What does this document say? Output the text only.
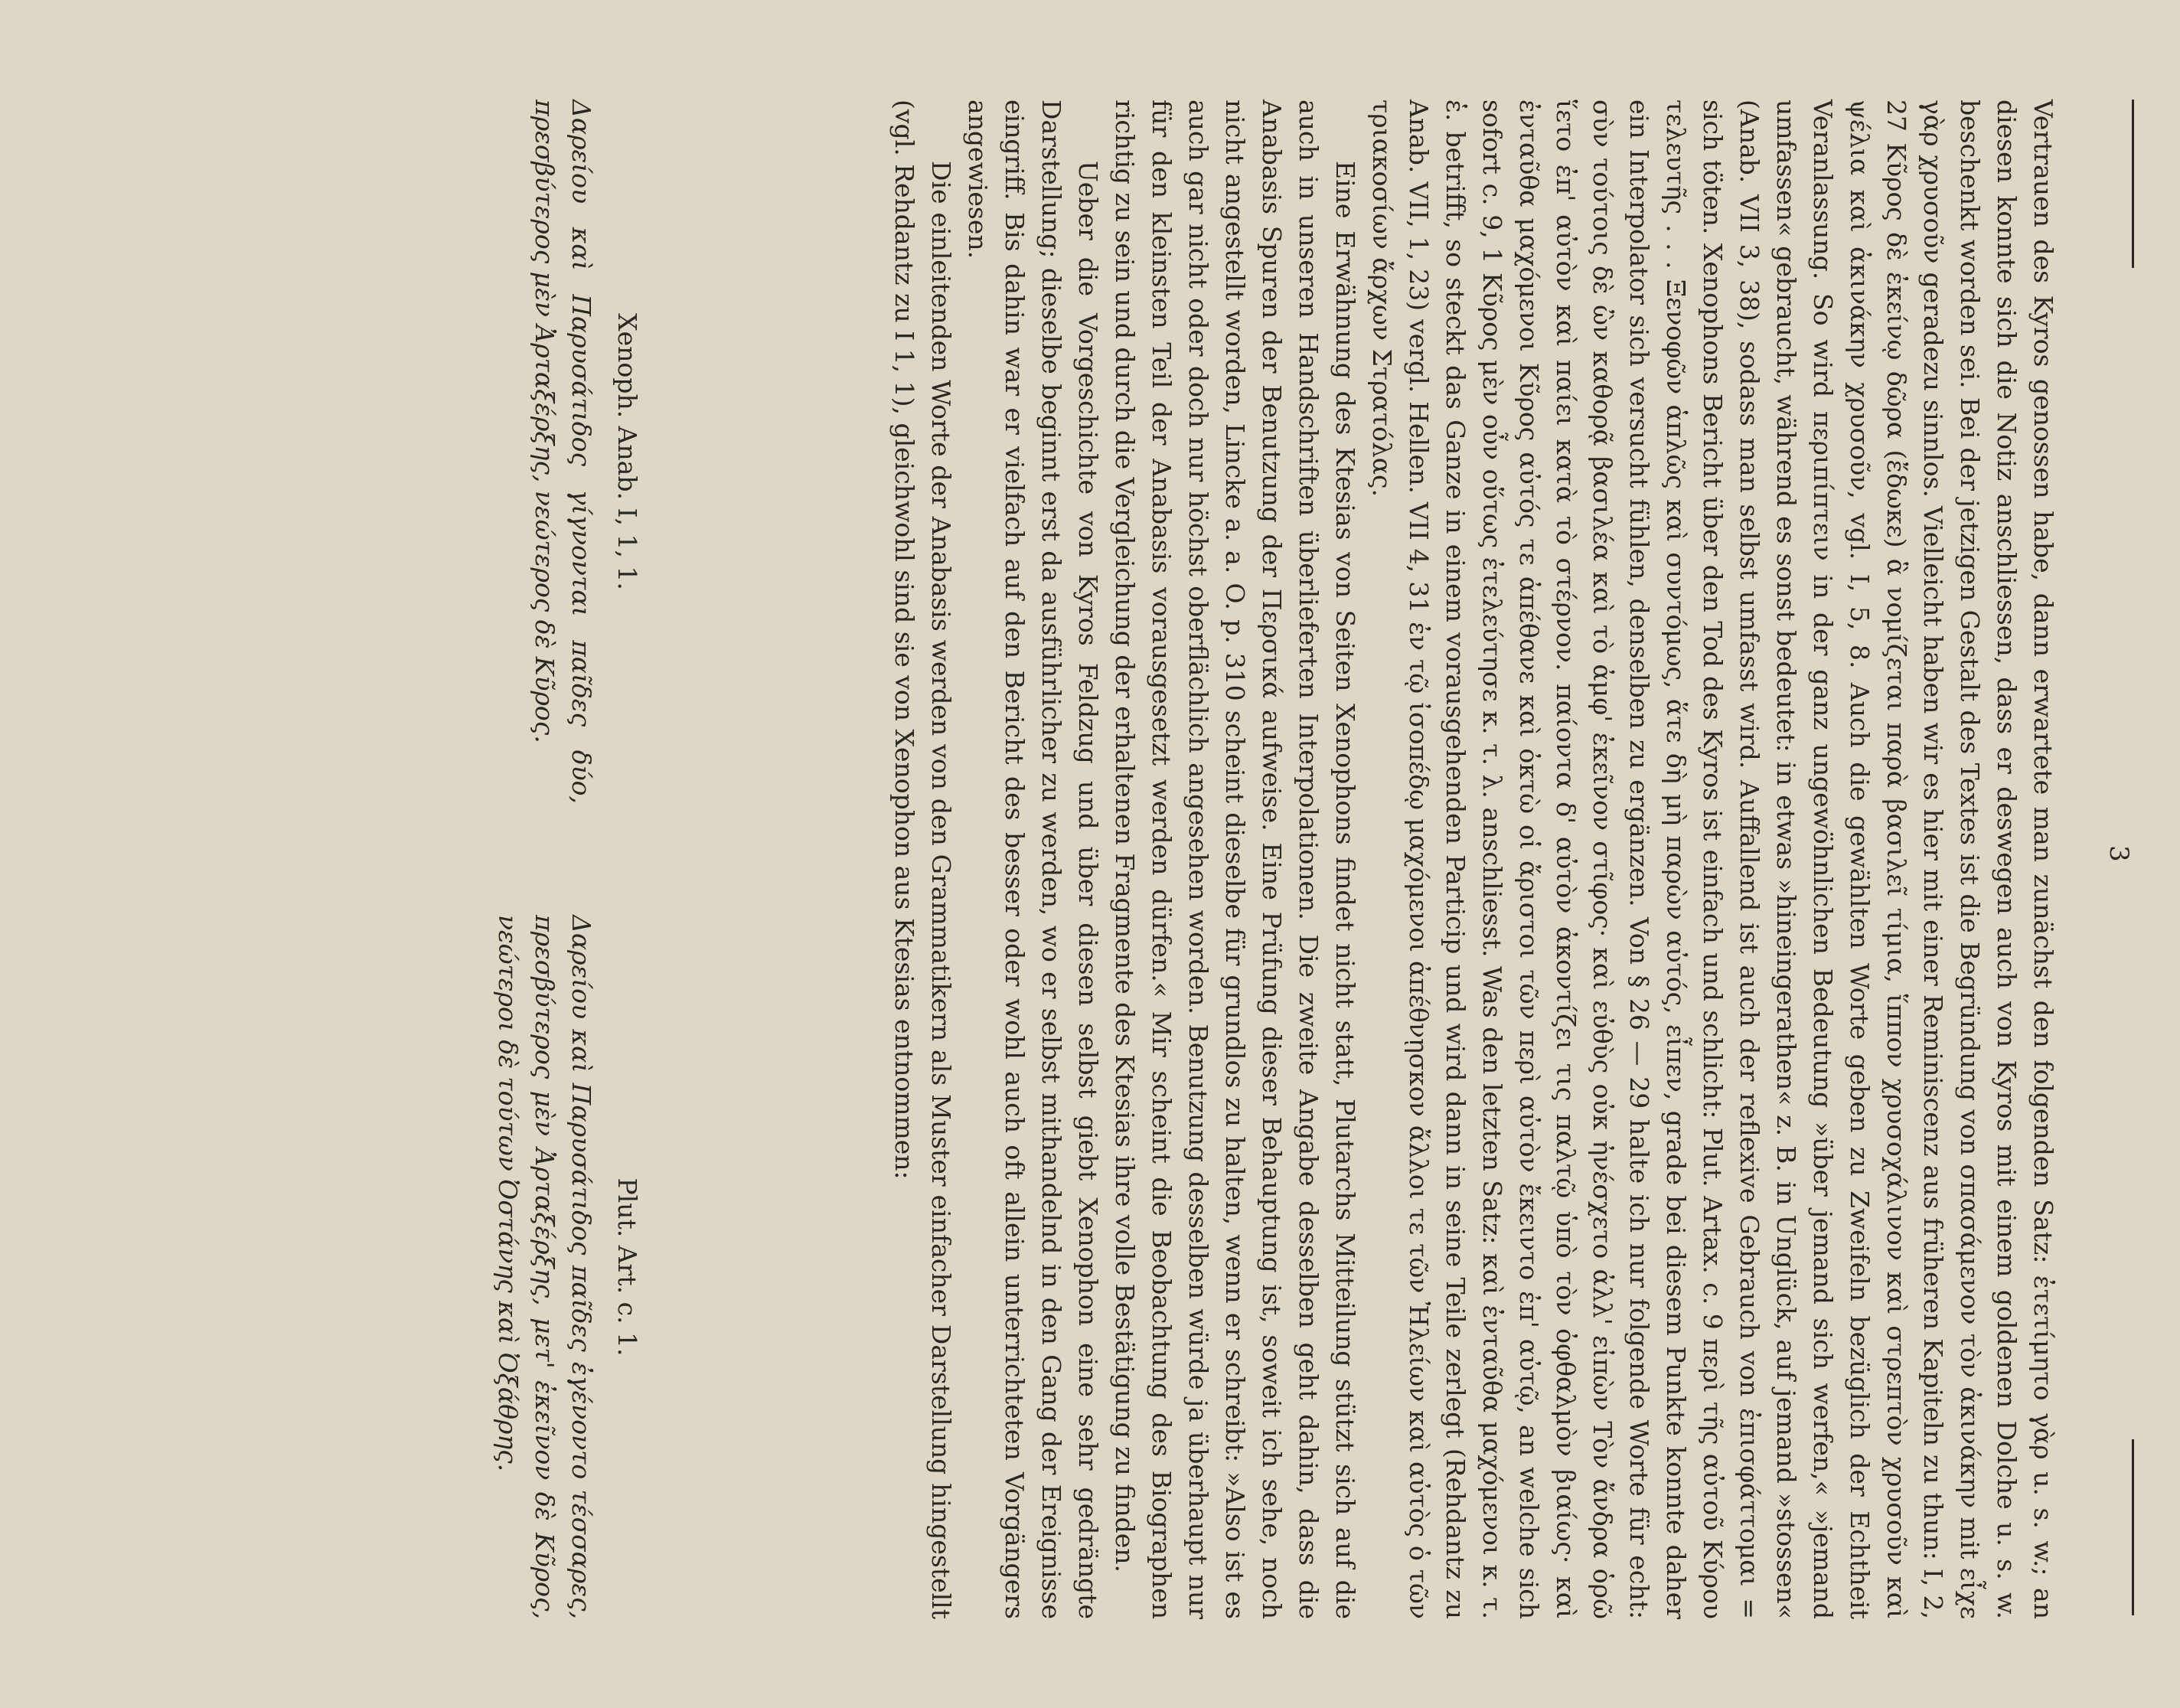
3

Vertrauen des Kyros genossen habe, dann erwartete man zunächst den folgenden Satz: ἐτετίμητο γὰρ u. s. w.; an diesen konnte sich die Notiz anschliessen, dass er deswegen auch von Kyros mit einem goldenen Dolche u. s. w. beschenkt worden sei. Bei der jetzigen Gestalt des Textes ist die Begründung von σπασάμενον τὸν ἀκινάκην mit εἶχε γὰρ χρυσοῦν geradezu sinnlos. Vielleicht haben wir es hier mit einer Reminiscenz aus früheren Kapiteln zu thun: I, 2, 27 Κῦρος δὲ ἐκείνῳ δῶρα (ἔδωκε) ἃ νομίζεται παρὰ βασιλεῖ τίμια, ἵππον χρυσοχάλινον καὶ στρεπτὸν χρυσοῦν καὶ ψέλια καὶ ἀκινάκην χρυσοῦν, vgl. I, 5, 8. Auch die gewählten Worte geben zu Zweifeln bezüglich der Echtheit Veranlassung. So wird περιπίπτειν in der ganz ungewöhnlichen Bedeutung »über jemand sich werfen,« »jemand umfassen« gebraucht, während es sonst bedeutet: in etwas »hineingerathen« z. B. in Unglück, auf jemand »stossen« (Anab. VII 3, 38), sodass man selbst umfasst wird. Auffallend ist auch der reflexive Gebrauch von ἐπισφάττομαι = sich töten. Xenophons Bericht über den Tod des Kyros ist einfach und schlicht: Plut. Artax. c. 9 περὶ τῆς αὐτοῦ Κύρου τελευτῆς . . . Ξενοφῶν ἁπλῶς καὶ συντόμως, ἅτε δὴ μὴ παρὼν αὐτός, εἶπεν, grade bei diesem Punkte konnte daher ein Interpolator sich versucht fühlen, denselben zu ergänzen. Von § 26 — 29 halte ich nur folgende Worte für echt: σὺν τούτοις δὲ ὢν καθορᾷ βασιλέα καὶ τὸ ἀμφ' ἐκεῖνον στῖφος· καὶ εὐθὺς οὐκ ἠνέσχετο ἀλλ' εἰπὼν Τὸν ἄνδρα ὁρῶ ἵετο ἐπ' αὐτὸν καὶ παίει κατὰ τὸ στέρνον. παίοντα δ' αὐτὸν ἀκοντίζει τις παλτῷ ὑπὸ τὸν ὀφθαλμὸν βιαίως· καὶ ἐνταῦθα μαχόμενοι Κῦρος αὐτός τε ἀπέθανε καὶ ὀκτὼ οἱ ἄριστοι τῶν περὶ αὐτὸν ἔκειντο ἐπ' αὐτῷ, an welche sich sofort c. 9, 1 Κῦρος μὲν οὖν οὕτως ἐτελεύτησε κ. τ. λ. anschliesst. Was den letzten Satz: καὶ ἐνταῦθα μαχόμενοι κ. τ. ἑ. betrifft, so steckt das Ganze in einem vorausgehenden Particip und wird dann in seine Teile zerlegt (Rehdantz zu Anab. VII, 1, 23) vergl. Hellen. VII 4, 31 ἐν τῷ ἰσοπέδῳ μαχόμενοι ἀπέθνῃσκον ἄλλοι τε τῶν Ἠλείων καὶ αὐτὸς ὁ τῶν τριακοσίων ἄρχων Στρατόλας.

Eine Erwähnung des Ktesias von Seiten Xenophons findet nicht statt, Plutarchs Mitteilung stützt sich auf die auch in unseren Handschriften überlieferten Interpolationen. Die zweite Angabe desselben geht dahin, dass die Anabasis Spuren der Benutzung der Περσικά aufweise. Eine Prüfung dieser Behauptung ist, soweit ich sehe, noch nicht angestellt worden, Lincke a. a. O. p. 310 scheint dieselbe für grundlos zu halten, wenn er schreibt: »Also ist es auch gar nicht oder doch nur höchst oberflächlich angesehen worden. Benutzung desselben würde ja überhaupt nur für den kleinsten Teil der Anabasis vorausgesetzt werden dürfen.« Mir scheint die Beobachtung des Biographen richtig zu sein und durch die Vergleichung der erhaltenen Fragmente des Ktesias ihre volle Bestätigung zu finden.

Ueber die Vorgeschichte von Kyros Feldzug und über diesen selbst giebt Xenophon eine sehr gedrängte Darstellung; dieselbe beginnt erst da ausführlicher zu werden, wo er selbst mithandelnd in den Gang der Ereignisse eingriff. Bis dahin war er vielfach auf den Bericht des besser oder wohl auch oft allein unterrichteten Vorgängers angewiesen.

Die einleitenden Worte der Anabasis werden von den Grammatikern als Muster einfacher Darstellung hingestellt (vgl. Rehdantz zu I 1, 1), gleichwohl sind sie von Xenophon aus Ktesias entnommen:

Xenoph. Anab. I, 1, 1.
Δαρείου καὶ Παρυσάτιδος γίγνονται παῖδες δύο, πρεσβύτερος μὲν Ἀρταξέρξης, νεώτερος δὲ Κῦρος.
Plut. Art. c. 1.
Δαρείου καὶ Παρυσάτιδος παῖδες ἐγένοντο τέσσαρες, πρεσβύτερος μὲν Ἀρταξέρξης, μετ' ἐκεῖνον δὲ Κῦρος, νεώτεροι δὲ τούτων Ὀστάνης καὶ Ὀξάθρης.
